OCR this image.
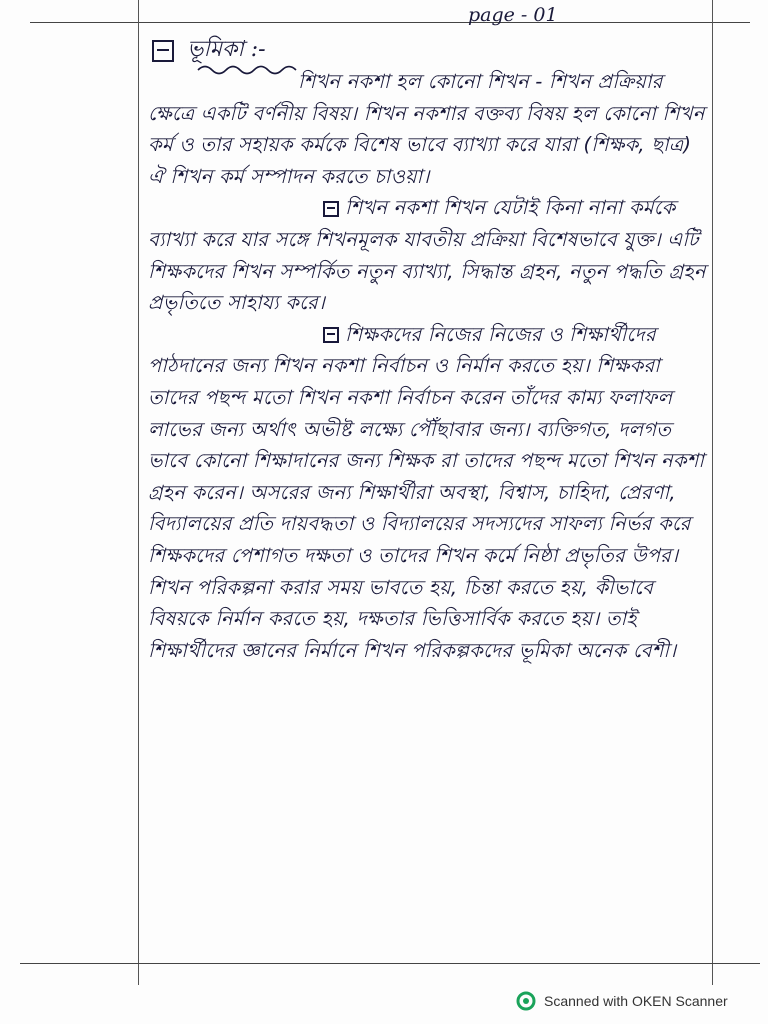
page - 01
ভূমিকা :-

শিখন নকশা হল কোনো শিখন - শিখন প্রক্রিয়ার ক্ষেত্রে একটি বর্ণনীয় বিষয়। শিখন নকশার বক্তব্য বিষয় হল কোনো শিখন কর্ম ও তার সহায়ক কর্মকে বিশেষ ভাবে ব্যাখ্যা করে যারা (শিক্ষক, ছাত্র) ঐ শিখন কর্ম সম্পাদন করতে চাওয়া।

শিখন নকশা শিখন যেটাই কিনা নানা কর্মকে ব্যাখ্যা করে যার সঙ্গে শিখনমূলক যাবতীয় প্রক্রিয়া বিশেষভাবে যুক্ত। এটি শিক্ষকদের শিখন সম্পর্কিত নতুন ব্যাখ্যা, সিদ্ধান্ত গ্রহন, নতুন পদ্ধতি গ্রহন প্রভৃতিতে সাহায্য করে।

শিক্ষকদের নিজের নিজের ও শিক্ষার্থীদের পাঠদানের জন্য শিখন নকশা নির্বাচন ও নির্মান করতে হয়। শিক্ষকরা তাদের পছন্দ মতো শিখন নকশা নির্বাচন করেন তাঁদের কাম্য ফলাফল লাভের জন্য অর্থাৎ অভীষ্ট লক্ষ্যে পৌঁছাবার জন্য। ব্যক্তিগত, দলগত ভাবে কোনো শিক্ষাদানের জন্য শিক্ষক রা তাদের পছন্দ মতো শিখন নকশা গ্রহন করেন। অসরের জন্য শিক্ষার্থীরা অবস্থা, বিশ্বাস, চাহিদা, প্রেরণা, বিদ্যালয়ের প্রতি দায়বদ্ধতা ও বিদ্যালয়ের সদস্যদের সাফল্য নির্ভর করে শিক্ষকদের পেশাগত দক্ষতা ও তাদের শিখন কর্মে নিষ্ঠা প্রভৃতির উপর। শিখন পরিকল্পনা করার সময় ভাবতে হয়, চিন্তা করতে হয়, কীভাবে বিষয়কে নির্মান করতে হয়, দক্ষতার ভিত্তিসার্বিক করতে হয়। তাই শিক্ষার্থীদের জ্ঞানের নির্মানে শিখন পরিকল্পকদের ভূমিকা অনেক বেশী।

Scanned with OKEN Scanner
